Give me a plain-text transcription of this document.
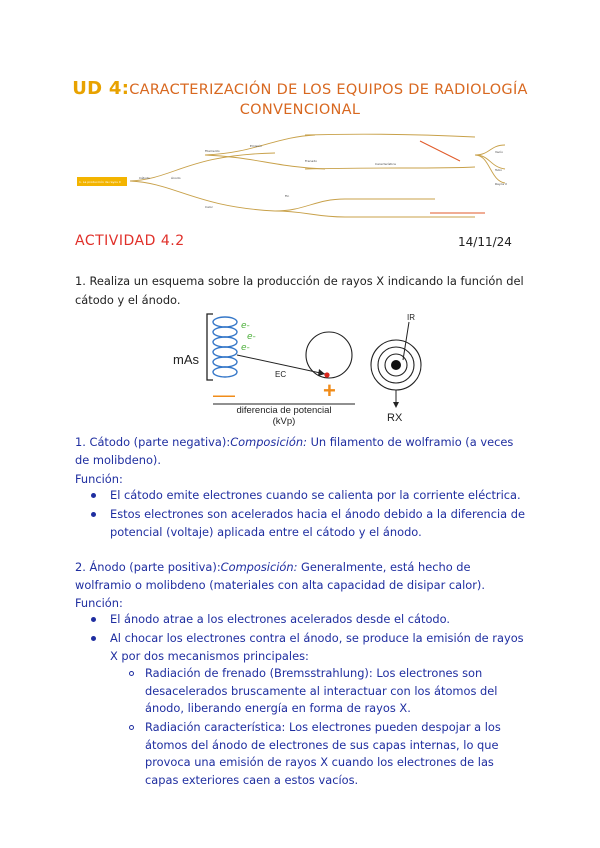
UD 4:CARACTERIZACIÓN DE LOS EQUIPOS DE RADIOLOGÍA
CONVENCIONAL
1. La producción de rayos X
Cátodo	Ánodo
Filamento
Emisión
Frenado
Característica
Calor
Fin
Vacío
Tubo
Rayos X
ACTIVIDAD 4.2	14/11/24
1. Realiza un esquema sobre la producción de rayos X indicando la función del cátodo y el ánodo.
e-
e-
e-
mAs
EC
—	+
diferencia de potencial
(kVp)
IR
RX
1. Cátodo (parte negativa):Composición: Un filamento de wolframio (a veces de molibdeno).
Función:
El cátodo emite electrones cuando se calienta por la corriente eléctrica.
Estos electrones son acelerados hacia el ánodo debido a la diferencia de potencial (voltaje) aplicada entre el cátodo y el ánodo.
2. Ánodo (parte positiva):Composición: Generalmente, está hecho de wolframio o molibdeno (materiales con alta capacidad de disipar calor).
Función:
El ánodo atrae a los electrones acelerados desde el cátodo.
Al chocar los electrones contra el ánodo, se produce la emisión de rayos X por dos mecanismos principales:
Radiación de frenado (Bremsstrahlung): Los electrones son desacelerados bruscamente al interactuar con los átomos del ánodo, liberando energía en forma de rayos X.
Radiación característica: Los electrones pueden despojar a los átomos del ánodo de electrones de sus capas internas, lo que provoca una emisión de rayos X cuando los electrones de las capas exteriores caen a estos vacíos.
